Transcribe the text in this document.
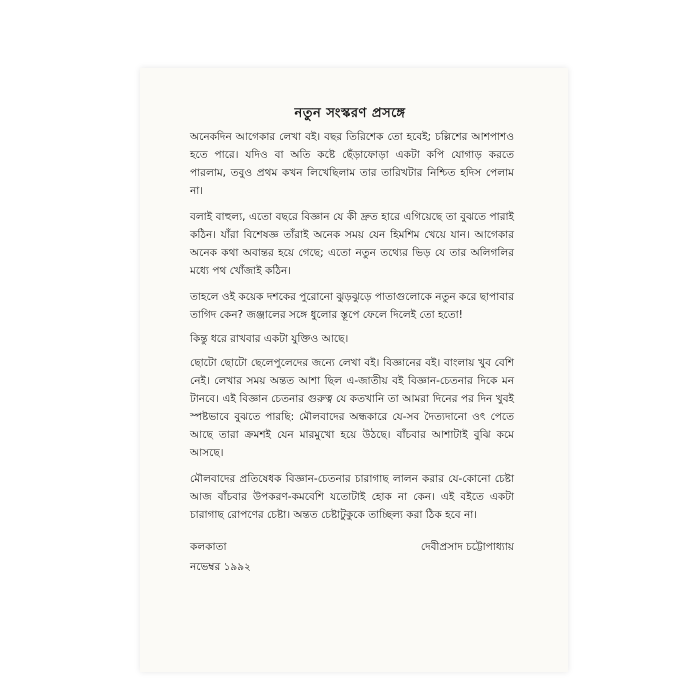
নতুন সংস্করণ প্রসঙ্গে

অনেকদিন আগেকার লেখা বই। বছর তিরিশেক তো হবেই; চল্লিশের আশপাশও হতে পারে। যদিও বা অতি কষ্টে ছেঁড়াফোড়া একটা কপি যোগাড় করতে পারলাম, তবুও প্রথম কখন লিখেছিলাম তার তারিখটার নিশ্চিত হদিস পেলাম না।

বলাই বাহুল্য, এতো বছরে বিজ্ঞান যে কী দ্রুত হারে এগিয়েছে তা বুঝতে পারাই কঠিন। যাঁরা বিশেষজ্ঞ তাঁরাই অনেক সময় যেন হিমশিম খেয়ে যান। আগেকার অনেক কথা অবান্তর হয়ে গেছে; এতো নতুন তথ্যের ভিড় যে তার অলিগলির মধ্যে পথ খোঁজাই কঠিন।

তাহলে ওই কয়েক দশকের পুরোনো ঝুড়ঝুড়ে পাতাগুলোকে নতুন করে ছাপাবার তাগিদ কেন? জঞ্জালের সঙ্গে ধুলোর স্তূপে ফেলে দিলেই তো হতো!

কিন্তু ধরে রাখবার একটা যুক্তিও আছে।

ছোটো ছোটো ছেলেপুলেদের জন্যে লেখা বই। বিজ্ঞানের বই। বাংলায় খুব বেশি নেই। লেখার সময় অন্তত আশা ছিল এ-জাতীয় বই বিজ্ঞান-চেতনার দিকে মন টানবে। এই বিজ্ঞান চেতনার গুরুত্ব যে কতখানি তা আমরা দিনের পর দিন খুবই স্পষ্টভাবে বুঝতে পারছি: মৌলবাদের অন্ধকারে যে-সব দৈত্যদানো ওৎ পেতে আছে তারা ক্রমশই যেন মারমুখো হয়ে উঠছে। বাঁচবার আশাটাই বুঝি কমে আসছে।

মৌলবাদের প্রতিষেধক বিজ্ঞান-চেতনার চারাগাছ লালন করার যে-কোনো চেষ্টা আজ বাঁচবার উপকরণ-কমবেশি যতোটাই হোক না কেন। এই বইতে একটা চারাগাছ রোপণের চেষ্টা। অন্তত চেষ্টাটুকুকে তাচ্ছিল্য করা ঠিক হবে না।

কলকাতা
নভেম্বর ১৯৯২
দেবীপ্রসাদ চট্টোপাধ্যায়
